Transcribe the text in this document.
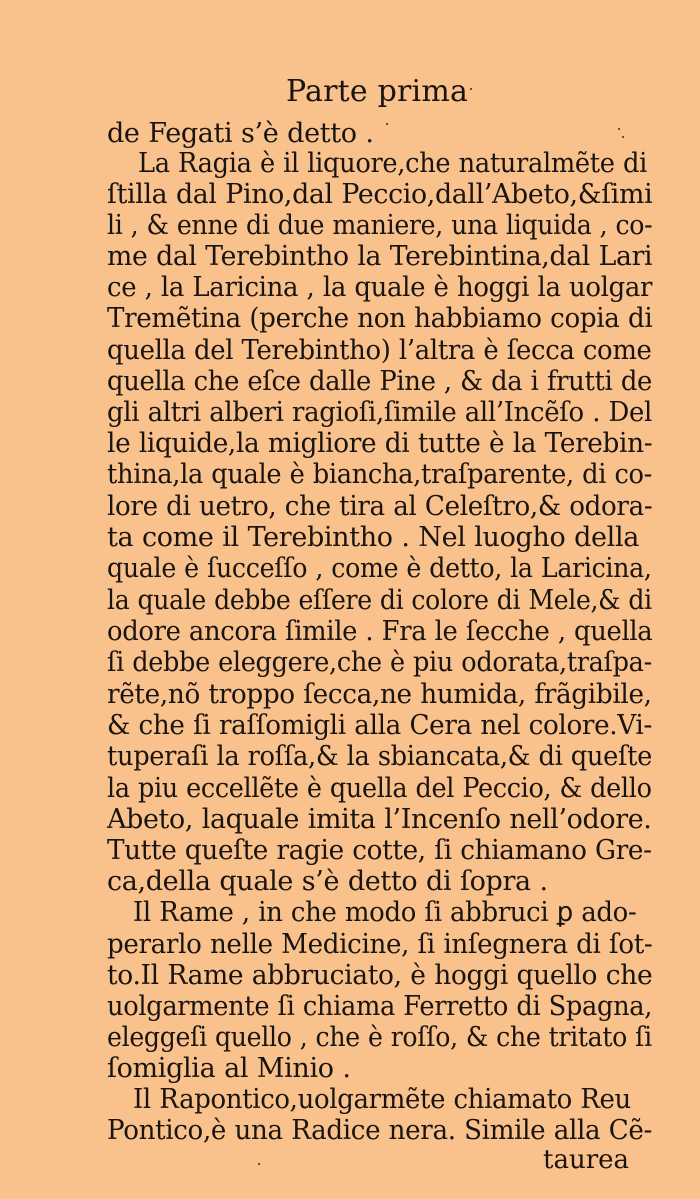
Parte prima
de Fegati s’è detto .
La Ragia è il liquore,che naturalmẽte di
ſtilla dal Pino,dal Peccio,dall’Abeto,&ſimi
li , & enne di due maniere, una liquida , co-
me dal Terebintho la Terebintina,dal Lari
ce , la Laricina , la quale è hoggi la uolgar
Tremẽtina (perche non habbiamo copia di
quella del Terebintho) l’altra è ſecca come
quella che eſce dalle Pine , & da i frutti de
gli altri alberi ragioſi,ſimile all’Incẽſo . Del
le liquide,la migliore di tutte è la Terebin-
thina,la quale è biancha,traſparente, di co-
lore di uetro, che tira al Celeſtro,& odora-
ta come il Terebintho . Nel luogho della
quale è ſucceſſo , come è detto, la Laricina,
la quale debbe eſſere di colore di Mele,& di
odore ancora ſimile . Fra le ſecche , quella
ſi debbe eleggere,che è piu odorata,traſpa-
rẽte,nõ troppo ſecca,ne humida, frãgibile,
& che ſi raſſomigli alla Cera nel colore.Vi-
tuperaſi la roſſa,& la sbiancata,& di queſte
la piu eccellẽte è quella del Peccio, & dello
Abeto, laquale imita l’Incenſo nell’odore.
Tutte queſte ragie cotte, ſi chiamano Gre-
ca,della quale s’è detto di ſopra .
Il Rame , in che modo ſi abbruci ꝑ ado-
perarlo nelle Medicine, ſi inſegnera di ſot-
to.Il Rame abbruciato, è hoggi quello che
uolgarmente ſi chiama Ferretto di Spagna,
eleggeſi quello , che è roſſo, & che tritato ſi
ſomiglia al Minio .
Il Rapontico,uolgarmẽte chiamato Reu
Pontico,è una Radice nera. Simile alla Cẽ-
taurea
